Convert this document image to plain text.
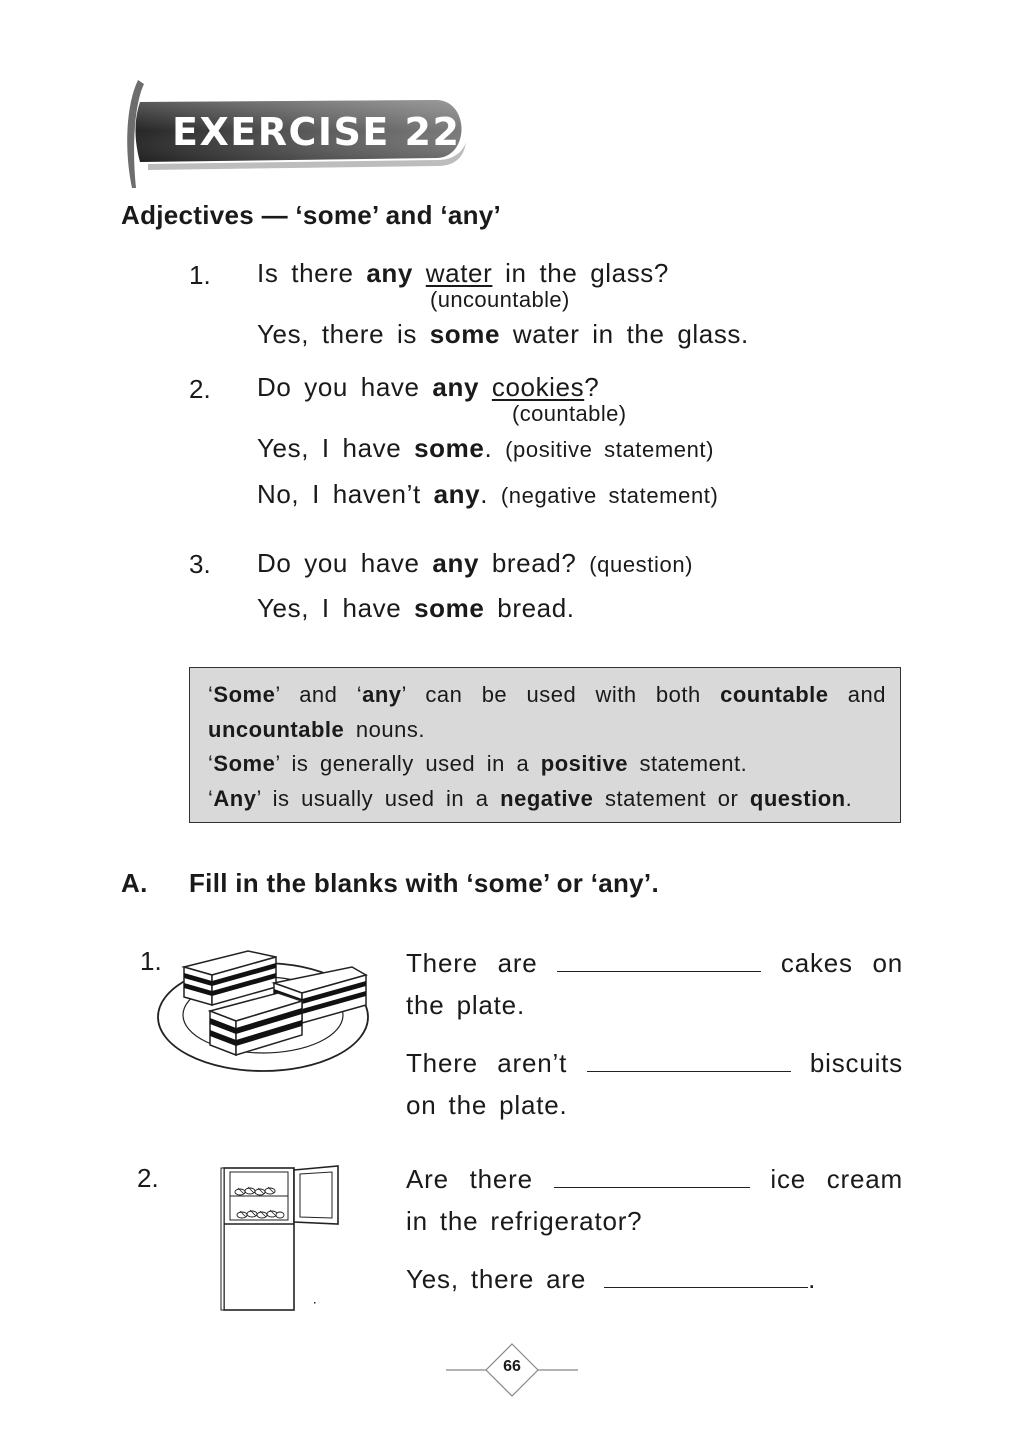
EXERCISE 22
Adjectives — ‘some’ and ‘any’
1. Is there any water in the glass?
(uncountable)
Yes, there is some water in the glass.
2. Do you have any cookies?
(countable)
Yes, I have some. (positive statement)
No, I haven’t any. (negative statement)
3. Do you have any bread? (question)
Yes, I have some bread.
‘Some’ and ‘any’ can be used with both countable and
uncountable nouns.
‘Some’ is generally used in a positive statement.
‘Any’ is usually used in a negative statement or question.
A. Fill in the blanks with ‘some’ or ‘any’.
1.	There are	cakes on
the plate.
There aren’t	biscuits
on the plate.
2.	Are there	ice cream
in the refrigerator?
Yes, there are	.
66
